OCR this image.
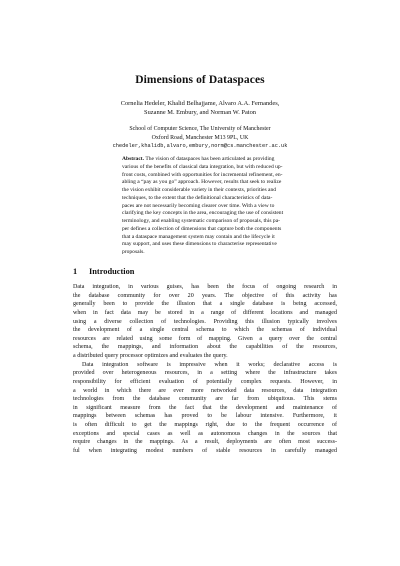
Dimensions of Dataspaces
Cornelia Hedeler, Khalid Belhajjame, Alvaro A.A. Fernandes,
Suzanne M. Embury, and Norman W. Paton
School of Computer Science, The University of Manchester
Oxford Road, Manchester M13 9PL, UK
chedeler,khalidb,alvaro,embury,norm@cs.manchester.ac.uk
Abstract. The vision of dataspaces has been articulated as providing
various of the benefits of classical data integration, but with reduced up-
front costs, combined with opportunities for incremental refinement, en-
abling a “pay as you go” approach. However, results that seek to realize
the vision exhibit considerable variety in their contexts, priorities and
techniques, to the extent that the definitional characteristics of data-
paces are not necessarily becoming clearer over time. With a view to
clarifying the key concepts in the area, encouraging the use of consistent
terminology, and enabling systematic comparison of proposals, this pa-
per defines a collection of dimensions that capture both the components
that a dataspace management system may contain and the lifecycle it
may support, and uses these dimensions to characterise representative
proposals.
1 Introduction
Data integration, in various guises, has been the focus of ongoing research in
the database community for over 20 years. The objective of this activity has
generally been to provide the illusion that a single database is being accessed,
when in fact data may be stored in a range of different locations and managed
using a diverse collection of technologies. Providing this illusion typically involves
the development of a single central schema to which the schemas of individual
resources are related using some form of mapping. Given a query over the central
schema, the mappings, and information about the capabilities of the resources,
a distributed query processor optimizes and evaluates the query.
Data integration software is impressive when it works; declarative access is
provided over heterogeneous resources, in a setting where the infrastructure takes
responsibility for efficient evaluation of potentially complex requests. However, in
a world in which there are ever more networked data resources, data integration
technologies from the database community are far from ubiquitous. This stems
in significant measure from the fact that the development and maintenance of
mappings between schemas has proved to be labour intensive. Furthermore, it
is often difficult to get the mappings right, due to the frequent occurrence of
exceptions and special cases as well as autonomous changes in the sources that
require changes in the mappings. As a result, deployments are often most success-
ful when integrating modest numbers of stable resources in carefully managed
